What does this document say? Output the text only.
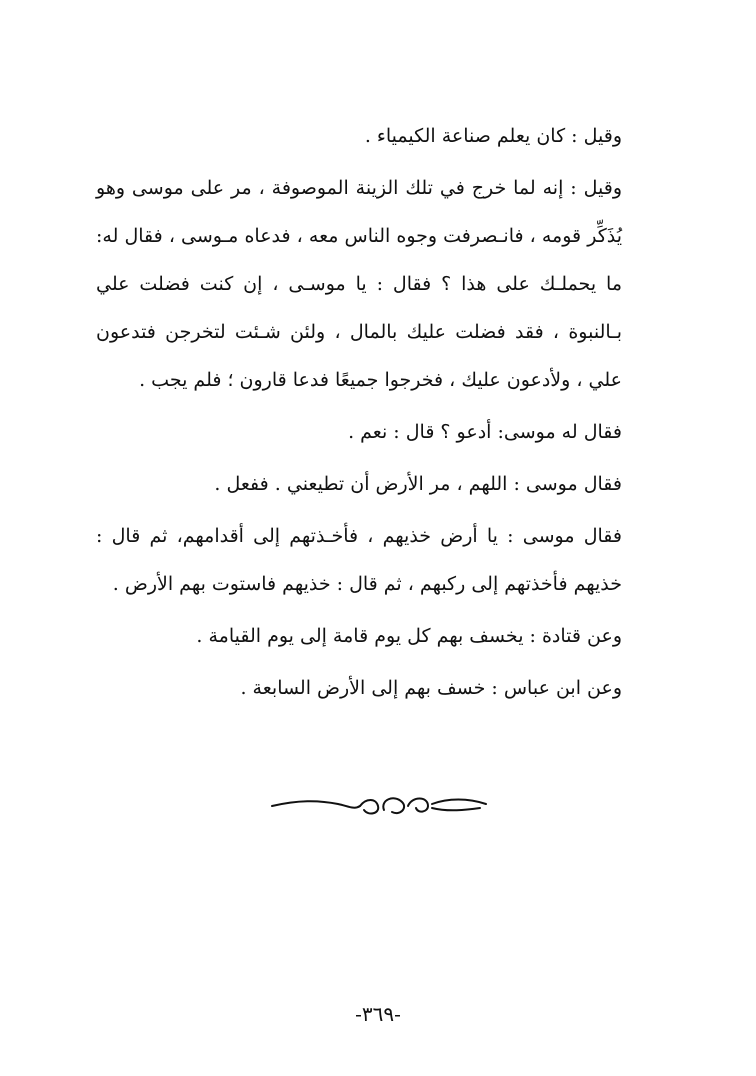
وقيل : كان يعلم صناعة الكيمياء .

وقيل : إنه لما خرج في تلك الزينة الموصوفة ، مر على موسى وهو يُذَكِّر قومه ، فانـصرفت وجوه الناس معه ، فدعاه مـوسى ، فقال له: ما يحملـك على هذا ؟ فقال : يا موسـى ، إن كنت فضلت علي بـالنبوة ، فقد فضلت عليك بالمال ، ولئن شـئت لتخرجن فتدعون علي ، ولأدعون عليك ، فخرجوا جميعًا فدعا قارون ؛ فلم يجب .

فقال له موسى: أدعو ؟ قال : نعم .

فقال موسى : اللهم ، مر الأرض أن تطيعني . ففعل .

فقال موسى : يا أرض خذيهم ، فأخـذتهم إلى أقدامهم، ثم قال : خذيهم فأخذتهم إلى ركبهم ، ثم قال : خذيهم فاستوت بهم الأرض .

وعن قتادة : يخسف بهم كل يوم قامة إلى يوم القيامة .

وعن ابن عباس : خسف بهم إلى الأرض السابعة .

-٣٦٩-
